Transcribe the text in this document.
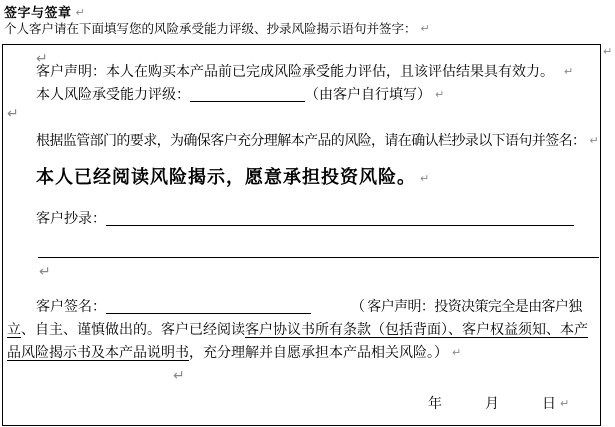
签字与签章 ↵
个人客户请在下面填写您的风险承受能力评级、抄录风险揭示语句并签字： ↵
↵
↵
客户声明：本人在购买本产品前已完成风险承受能力评估，且该评估结果具有效力。 ↵
本人风险承受能力评级：	（由客户自行填写） ↵
↵
根据监管部门的要求，为确保客户充分理解本产品的风险，请在确认栏抄录以下语句并签名： ↵
本人已经阅读风险揭示，愿意承担投资风险。 ↵
客户抄录：
↵
客户签名：	（ 客户声明：投资决策完全是由客户独
立、自主、谨慎做出的。客户已经阅读客户协议书所有条款（包括背面）、客户权益须知、本产
品风险揭示书及本产品说明书，充分理解并自愿承担本产品相关风险。） ↵
↵
年	月	日 ↵
